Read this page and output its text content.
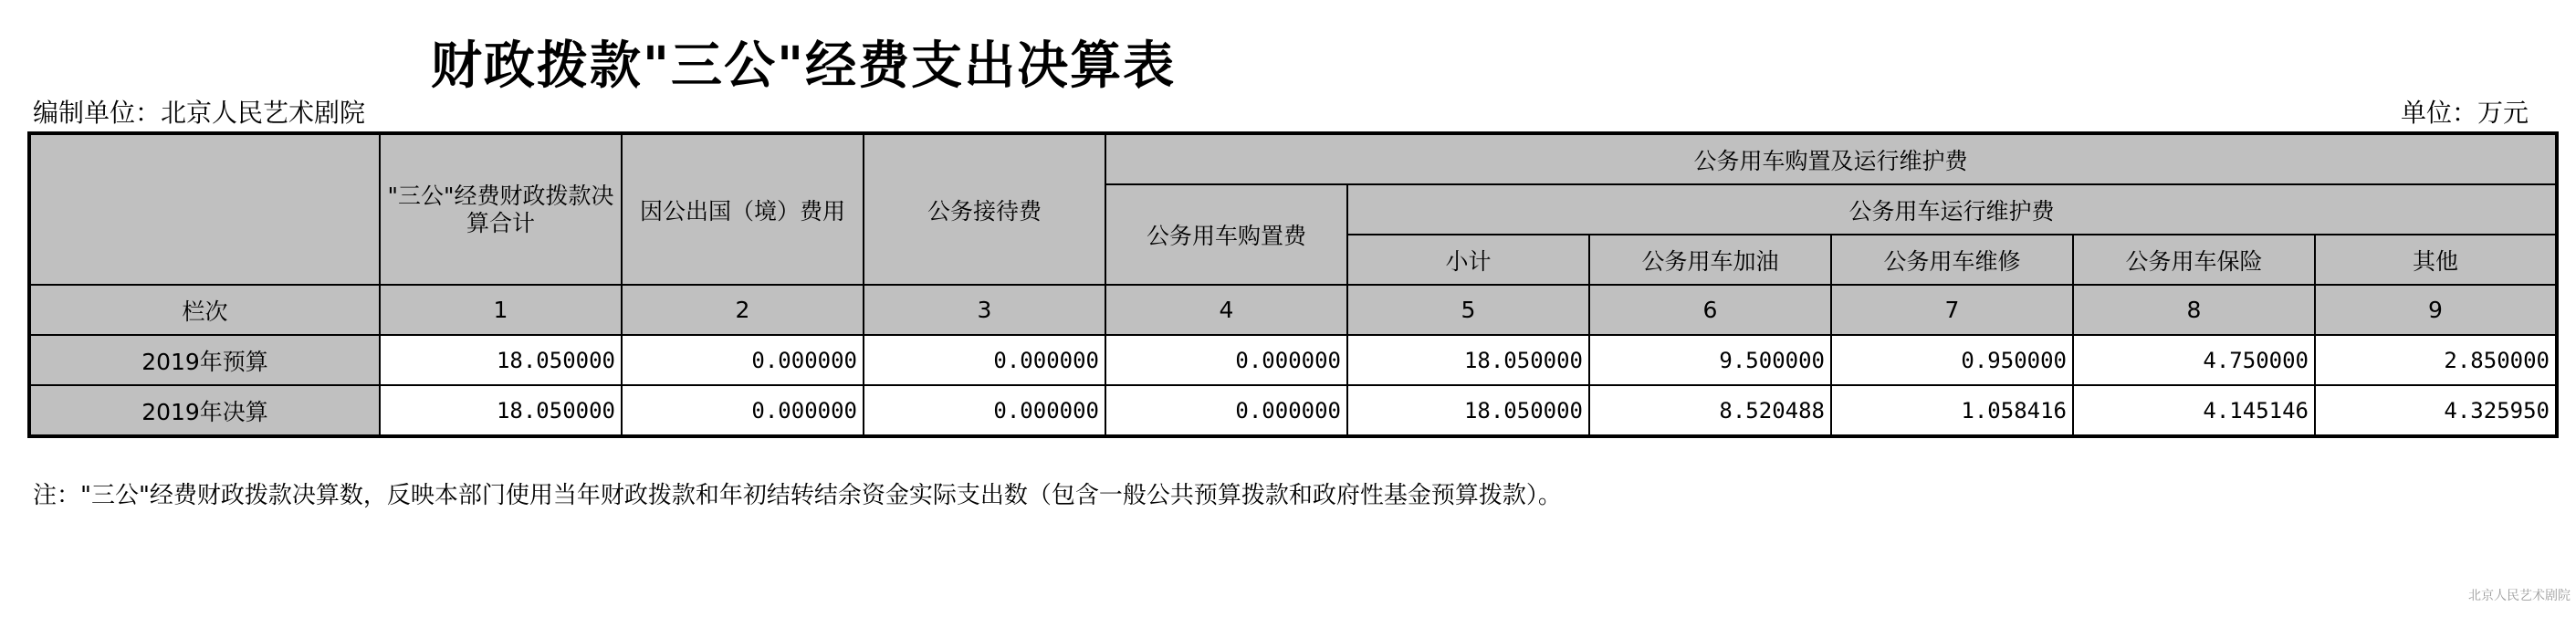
财政拨款"三公"经费支出决算表
编制单位：北京人民艺术剧院	单位：万元
	"三公"经费财政拨款决算合计	因公出国（境）费用	公务接待费	公务用车购置及运行维护费					
				公务用车购置费	公务用车运行维护费				
					小计	公务用车加油	公务用车维修	公务用车保险	其他
栏次	1	2	3	4	5	6	7	8	9
2019年预算	18.050000	0.000000	0.000000	0.000000	18.050000	9.500000	0.950000	4.750000	2.850000
2019年决算	18.050000	0.000000	0.000000	0.000000	18.050000	8.520488	1.058416	4.145146	4.325950
注："三公"经费财政拨款决算数，反映本部门使用当年财政拨款和年初结转结余资金实际支出数（包含一般公共预算拨款和政府性基金预算拨款）。
北京人民艺术剧院
